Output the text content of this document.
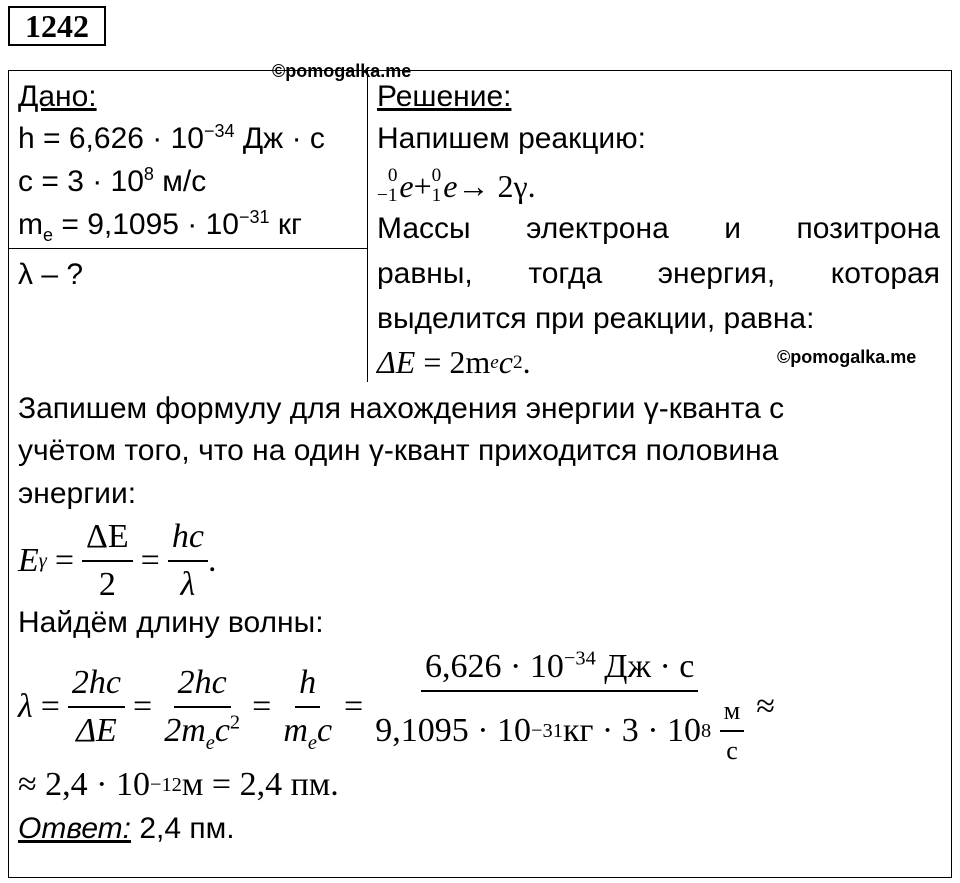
1242
©pomogalka.me
©pomogalka.me
Дано:
$h = 6,626 \cdot 10^{-34}$ Дж · с
$c = 3 \cdot 10^8$ м/с
$m_e = 9,1095 \cdot 10^{-31}$ кг
λ – ?
Решение:
Напишем реакцию:
0
−1 e + 0
1 e → 2γ.
Массы электрона и позитрона
равны, тогда энергия, которая
выделится при реакции, равна:
ΔE
= 2m e c 2 .
Запишем формулу для нахождения энергии γ-кванта с
учётом того, что на один γ-квант приходится половина
энергии:
E $\gamma = \frac{\Delta E}{2} = \frac{hc}{\lambda}$ .
Найдём длину волны:
$\lambda = \frac{2hc}{\Delta E} = \frac{2hc}{2m_ec^2} = \frac{h}{m_ec} = 6,626 \cdot 10^{-34}$ Дж · с
9,1095 · 10 −31 кг · 3 · 10 8
$\frac{м}{с}$ ≈
≈ 2,4 · 10 −12 м = 2,4 пм.
Ответ: 2,4 пм.
